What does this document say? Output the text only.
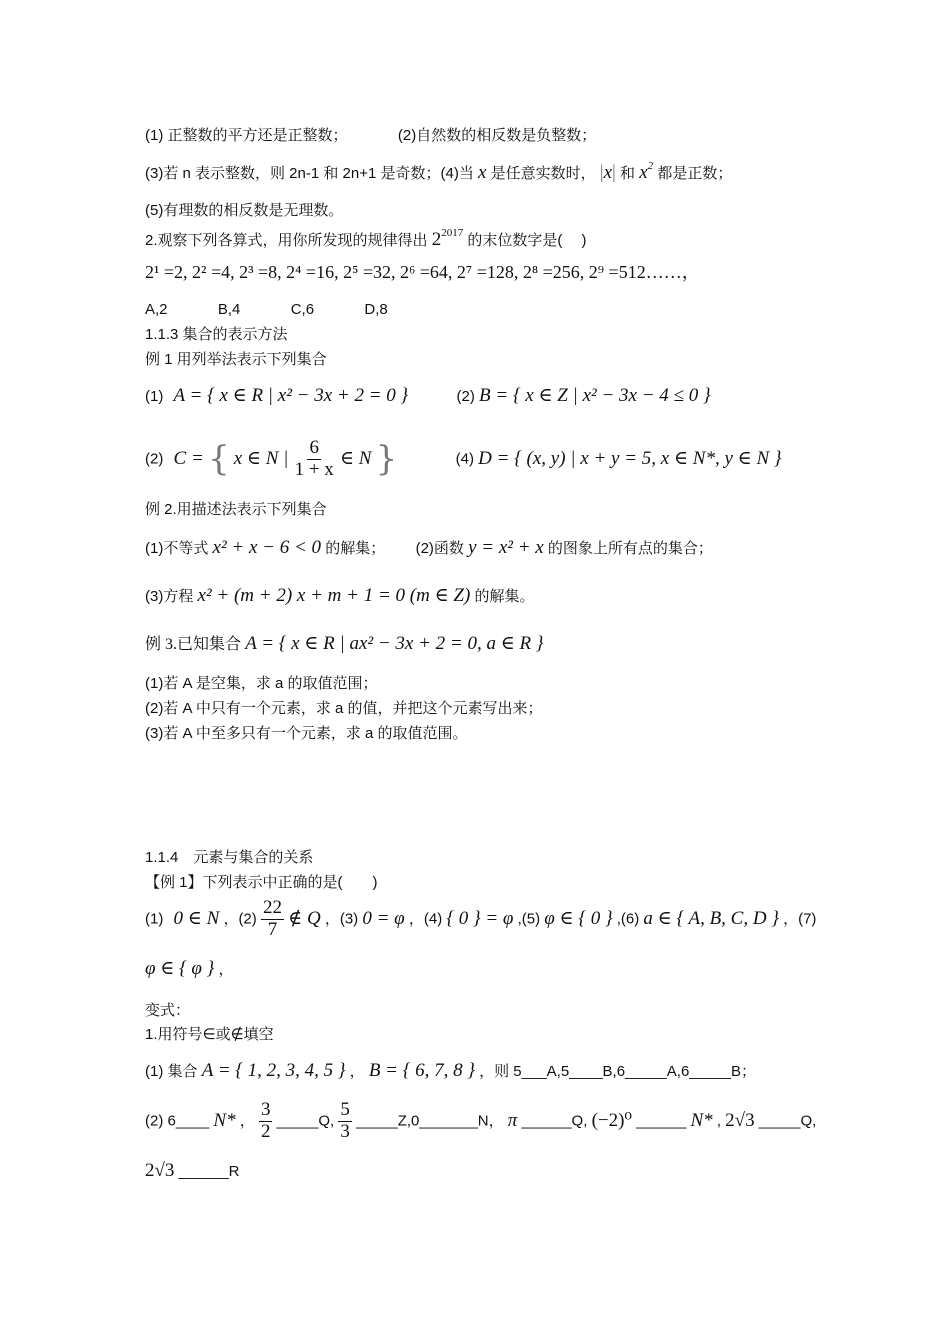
(1) 正整数的平方还是正整数；	(2)自然数的相反数是负整数；
(3)若 n 表示整数，则 2n-1 和 2n+1 是奇数；(4)当 x 是任意实数时， |x| 和 $x^2$ 都是正数；
(5)有理数的相反数是无理数。
2.观察下列各算式，用你所发现的规律得出 $2^{2017}$ 的末位数字是(　 )
2¹ =2, 2² =4, 2³ =8, 2⁴ =16, 2⁵ =32, 2⁶ =64, 2⁷ =128, 2⁸ =256, 2⁹ =512……，
A,2	B,4	C,6	D,8
1.1.3 集合的表示方法
例 1 用列举法表示下列集合
(1) A = { x ∈ R | x² − 3x + 2 = 0 }	(2) B = { x ∈ Z | x² − 3x − 4 ≤ 0 }
(2) C = { x ∈ N | $\frac{6}{1 + x}$ ∈ N }	(4) D = { (x, y) | x + y = 5, x ∈ N*, y ∈ N }
例 2.用描述法表示下列集合
(1)不等式 x² + x − 6 < 0 的解集； (2)函数 y = x² + x 的图象上所有点的集合；
(3)方程 x² + (m + 2) x + m + 1 = 0 (m ∈ Z) 的解集。
例 3.已知集合 A = { x ∈ R | ax² − 3x + 2 = 0, a ∈ R }
(1)若 A 是空集，求 a 的取值范围；
(2)若 A 中只有一个元素，求 a 的值，并把这个元素写出来；
(3)若 A 中至多只有一个元素，求 a 的取值范围。
1.1.4　元素与集合的关系
【例 1】下列表示中正确的是(　　)
(1) 0 ∈ N ，$(2) \frac{22}{7}$ ∉ Q ，(3) 0 = φ ，(4) { 0 } = φ ,(5) φ ∈ { 0 } ,(6) a ∈ { A, B, C, D } ，(7)
φ ∈ { φ } ，
变式：
1.用符号∈或∉填空
(1) 集合 A = { 1, 2, 3, 4, 5 } ， B = { 6, 7, 8 } ，则 5___A,5____B,6_____A,6_____B；
(2) 6____ N* ， $\frac{3}{2}$ _____Q, $\frac{5}{3}$ _____Z,0_______N， π ______Q, (−2)⁰ ______ N* , 2√3 _____Q,
2√3 ______R
